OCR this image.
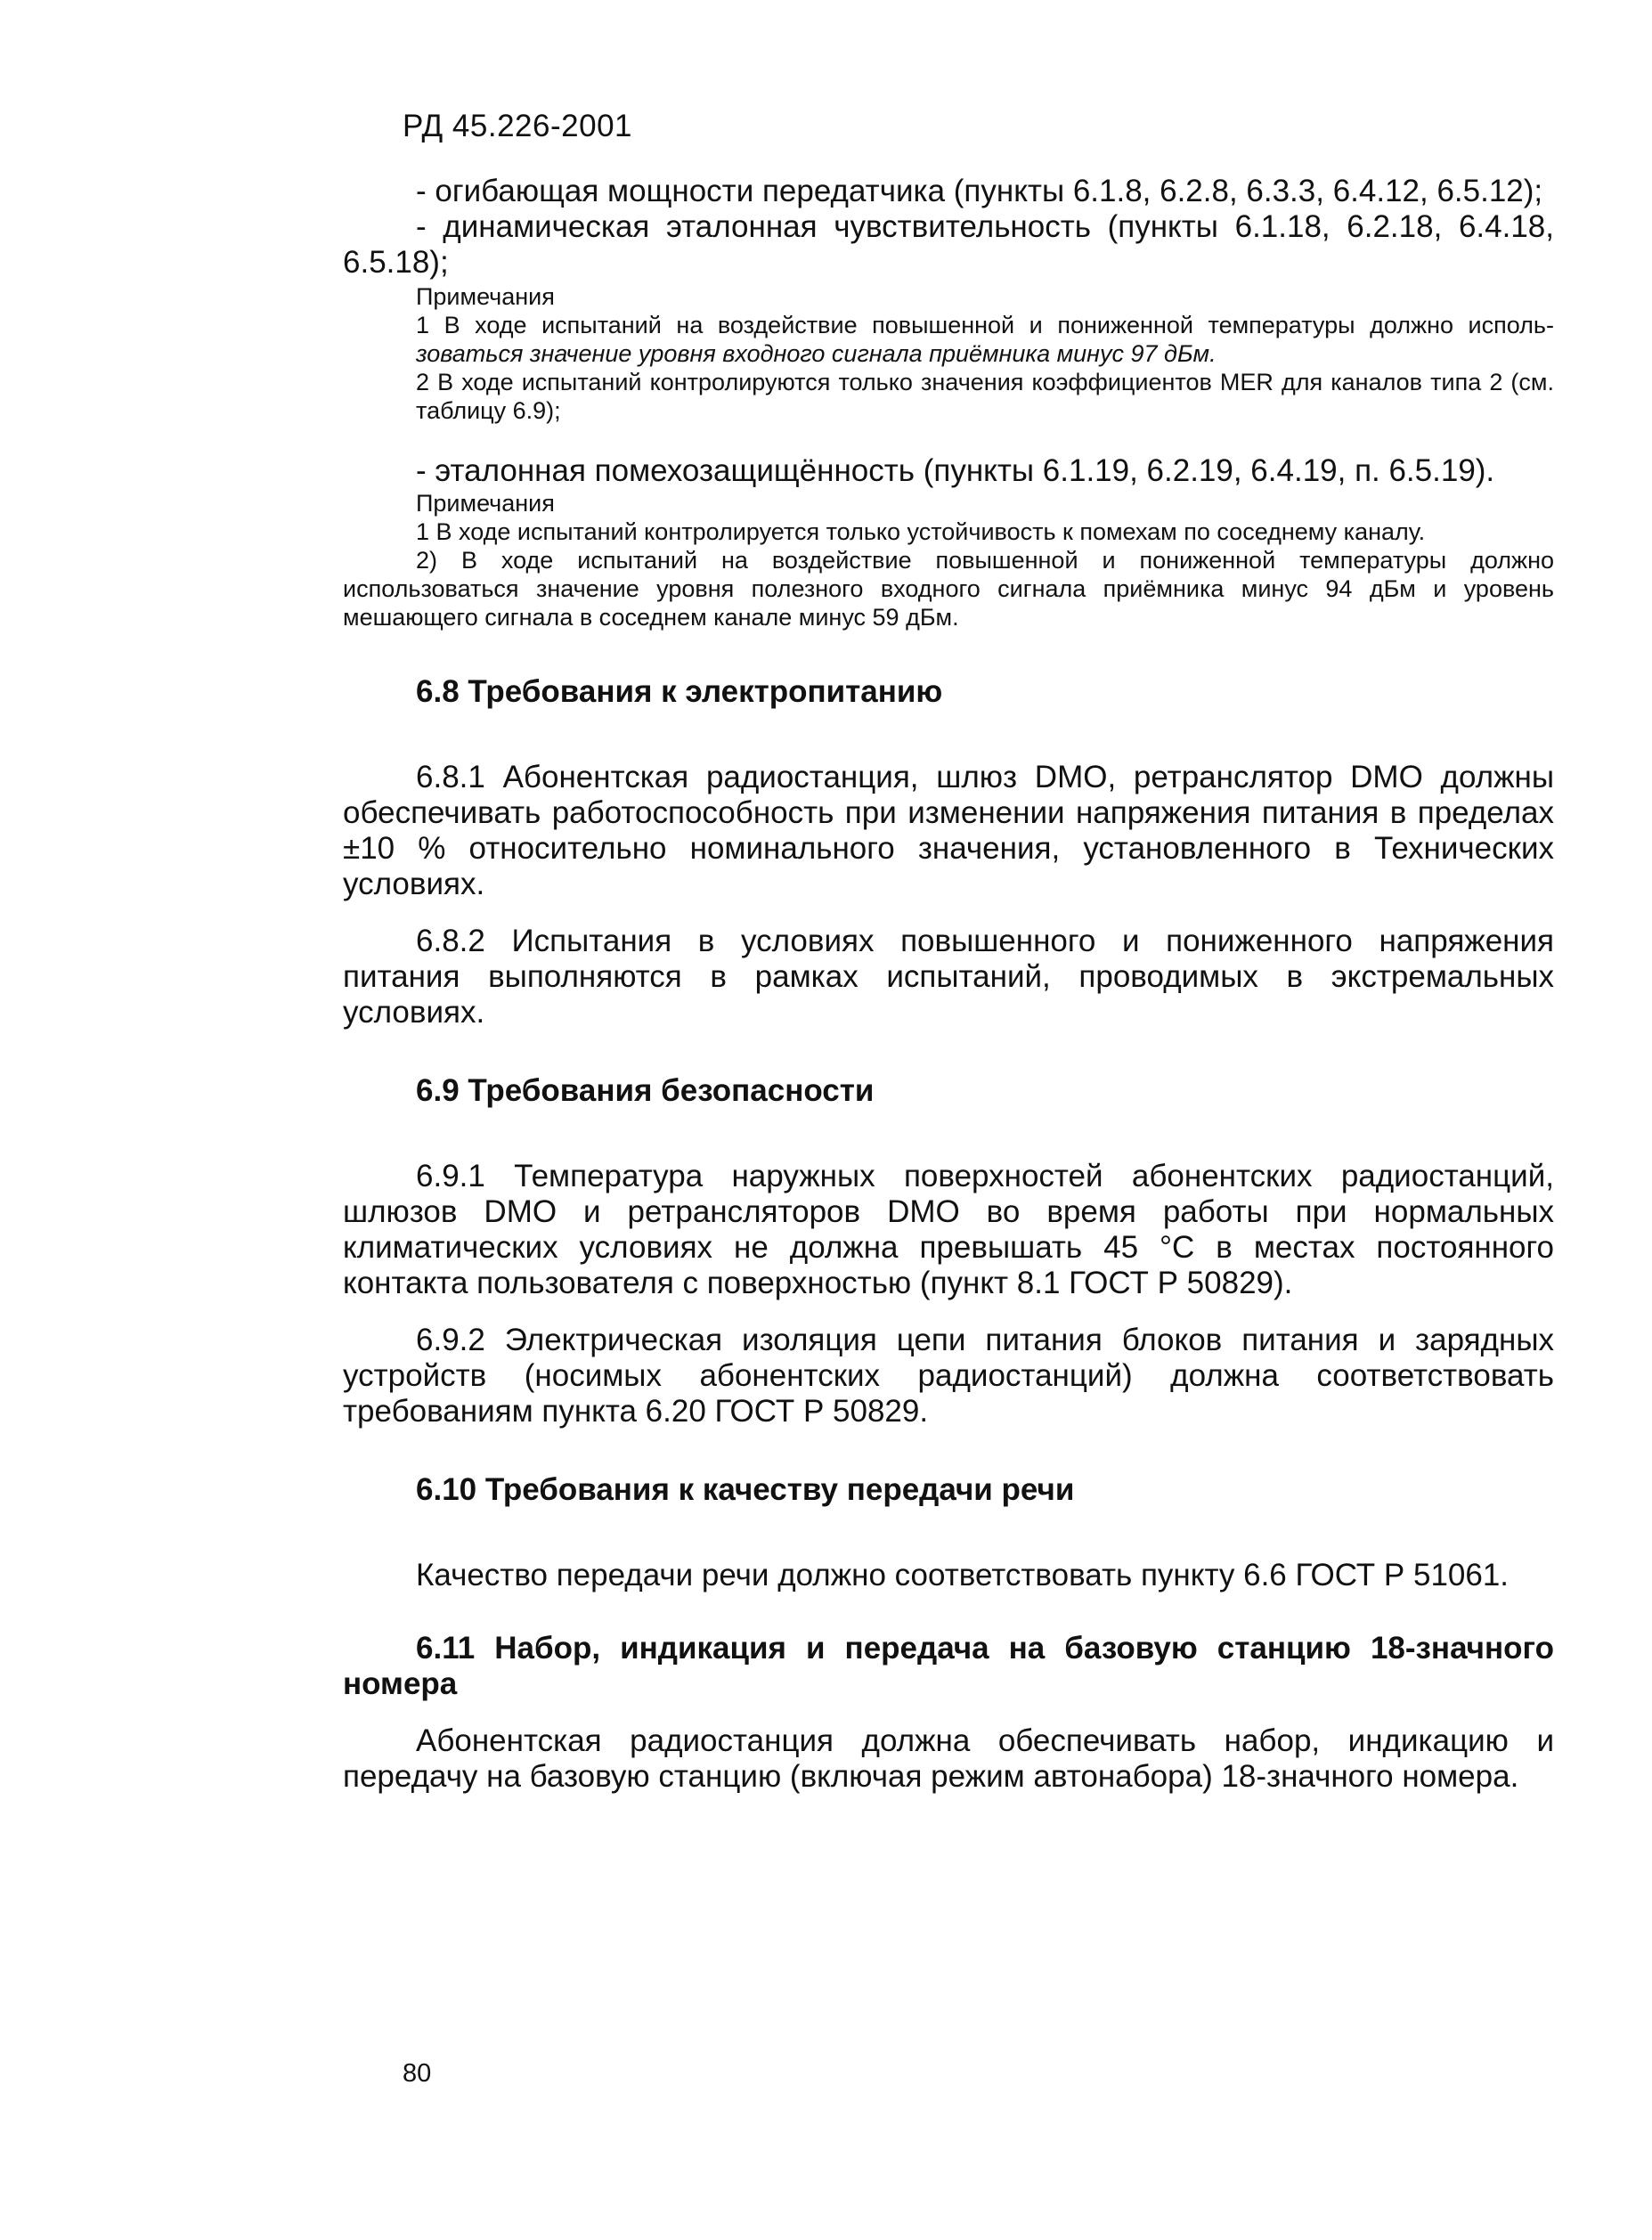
РД 45.226-2001
- огибающая мощности передатчика (пункты 6.1.8, 6.2.8, 6.3.3, 6.4.12, 6.5.12);
- динамическая эталонная чувствительность (пункты 6.1.18, 6.2.18, 6.4.18, 6.5.18);
Примечания
1 В ходе испытаний на воздействие повышенной и пониженной температуры должно исполь- зоваться значение уровня входного сигнала приёмника минус 97 дБм.
2 В ходе испытаний контролируются только значения коэффициентов MER для каналов типа 2 (см. таблицу 6.9);
- эталонная помехозащищённость (пункты 6.1.19, 6.2.19, 6.4.19, п. 6.5.19).
Примечания
1 В ходе испытаний контролируется только устойчивость к помехам по соседнему каналу.
2) В ходе испытаний на воздействие повышенной и пониженной температуры должно использоваться значение уровня полезного входного сигнала приёмника минус 94 дБм и уровень мешающего сигнала в соседнем канале минус 59 дБм.
6.8 Требования к электропитанию
6.8.1 Абонентская радиостанция, шлюз DMO, ретранслятор DMO должны обеспечивать работоспособность при изменении напряжения питания в пределах ±10 % относительно номинального значения, установленного в Технических условиях.
6.8.2 Испытания в условиях повышенного и пониженного напряжения питания выполняются в рамках испытаний, проводимых в экстремальных условиях.
6.9 Требования безопасности
6.9.1 Температура наружных поверхностей абонентских радиостанций, шлюзов DMO и ретрансляторов DMO во время работы при нормальных климатических условиях не должна превышать 45 °C в местах постоянного контакта пользователя с поверхностью (пункт 8.1 ГОСТ Р 50829).
6.9.2 Электрическая изоляция цепи питания блоков питания и зарядных устройств (носимых абонентских радиостанций) должна соответствовать требованиям пункта 6.20 ГОСТ Р 50829.
6.10 Требования к качеству передачи речи
Качество передачи речи должно соответствовать пункту 6.6 ГОСТ Р 51061.
6.11 Набор, индикация и передача на базовую станцию 18-значного номера
Абонентская радиостанция должна обеспечивать набор, индикацию и передачу на базовую станцию (включая режим автонабора) 18-значного номера.
80
